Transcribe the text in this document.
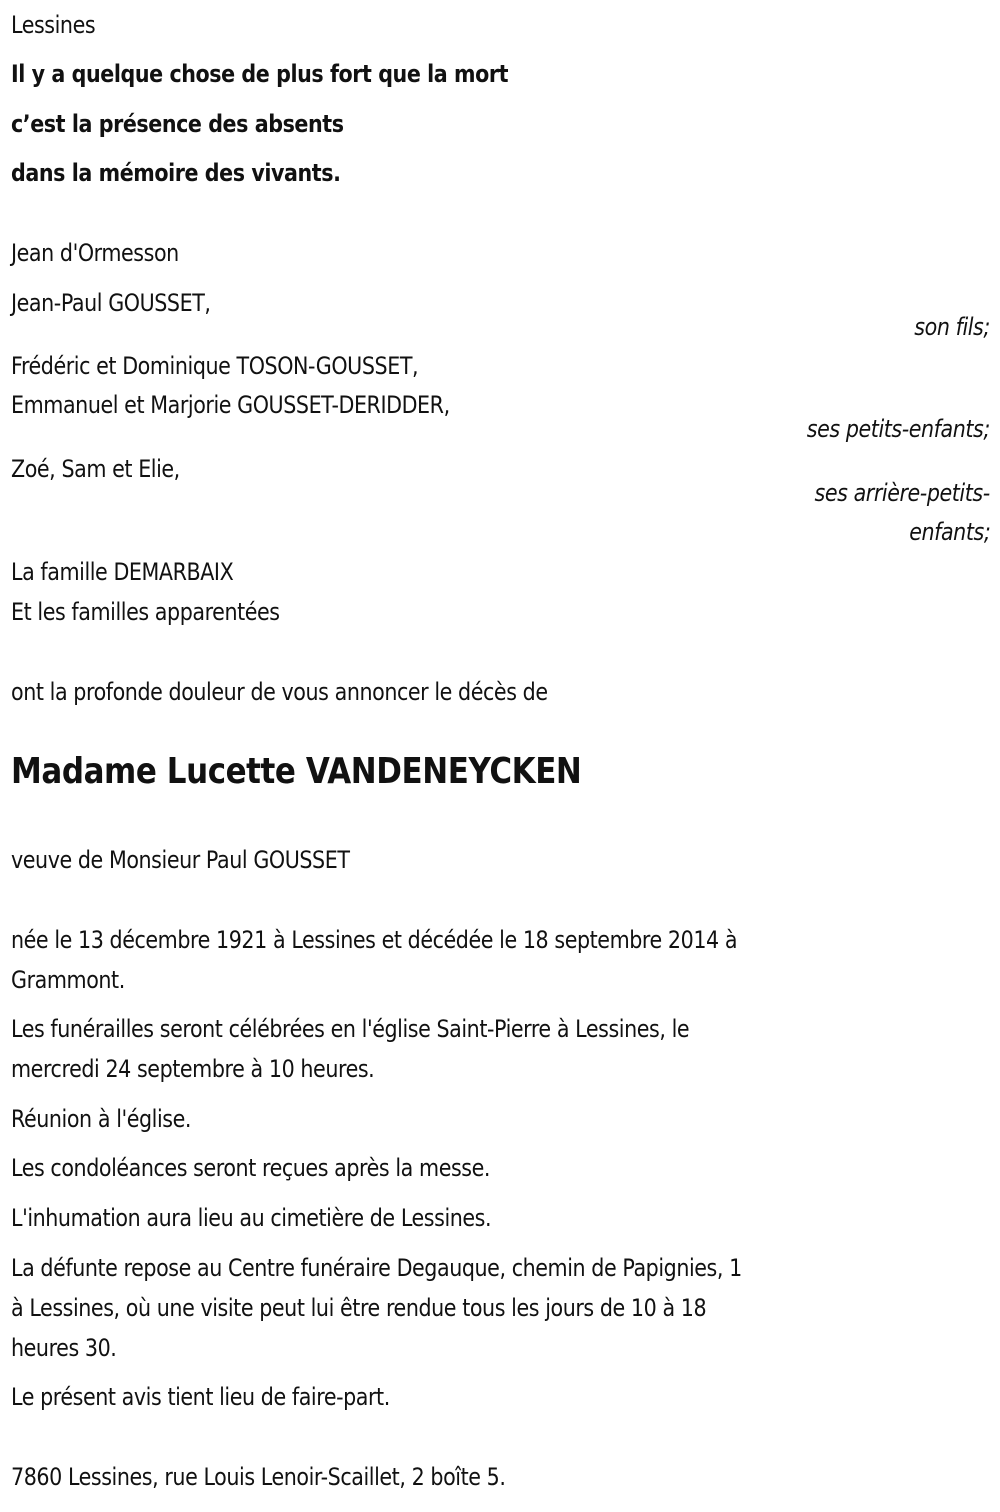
Lessines
Il y a quelque chose de plus fort que la mort
c’est la présence des absents
dans la mémoire des vivants.
Jean d'Ormesson
Jean-Paul GOUSSET,
son fils;
Frédéric et Dominique TOSON-GOUSSET,
Emmanuel et Marjorie GOUSSET-DERIDDER,
ses petits-enfants;
Zoé, Sam et Elie,
ses arrière-petits-
enfants;
La famille DEMARBAIX
Et les familles apparentées
ont la profonde douleur de vous annoncer le décès de
Madame Lucette VANDENEYCKEN
veuve de Monsieur Paul GOUSSET
née le 13 décembre 1921 à Lessines et décédée le 18 septembre 2014 à
Grammont.
Les funérailles seront célébrées en l'église Saint-Pierre à Lessines, le
mercredi 24 septembre à 10 heures.
Réunion à l'église.
Les condoléances seront reçues après la messe.
L'inhumation aura lieu au cimetière de Lessines.
La défunte repose au Centre funéraire Degauque, chemin de Papignies, 1
à Lessines, où une visite peut lui être rendue tous les jours de 10 à 18
heures 30.
Le présent avis tient lieu de faire-part.
7860 Lessines, rue Louis Lenoir-Scaillet, 2 boîte 5.
